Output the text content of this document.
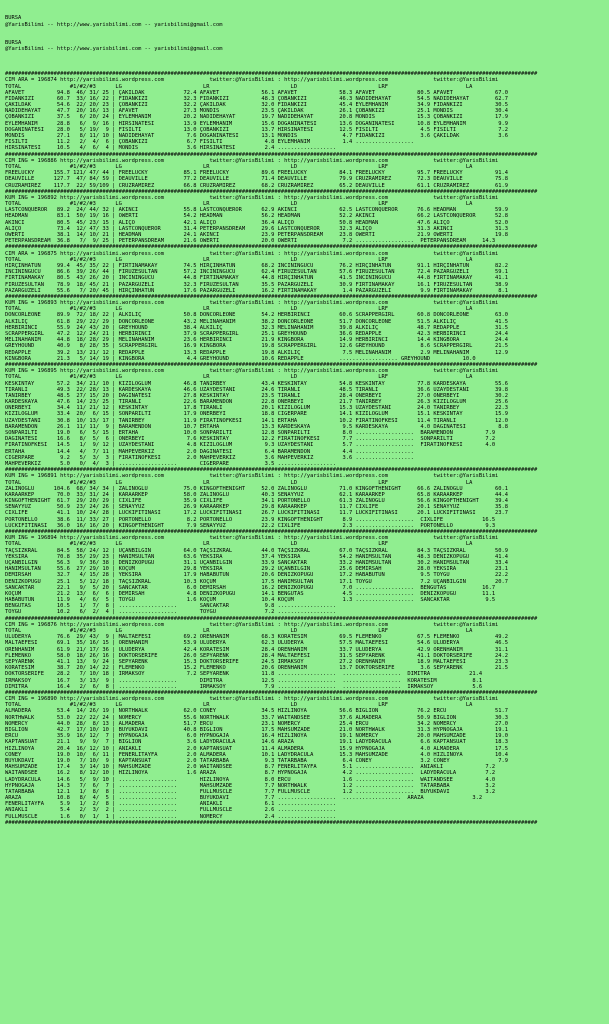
BURSA
@YarisBilimi -- http://www.yarisbilimi.com -- yarisbilimi@gmail.com
BURSA
@YarisBilimi -- http://www.yarisbilimi.com -- yarisbilimi@gmail.com

####################################################################################################################################################################
CIM ARA = 196874 http://yarisbilimi.wordpress.com              twitter:@YarisBilimi : http://yarisbilimi.wordpress.com              twitter:@YarisBilimi
TOTAL               #1/#2/#3      LG                         LR                         LD                         LRF                        LA
AFAVET          94.8  46/ 31/ 25 | ÇAKILDAK            72.4 AFAVET             56.1 AFAVET             58.3 AFAVET             80.5 AFAVET             67.0
FIDANKIZI       60.7  33/ 16/ 22 | FIDANKIZI           32.3 FIDANKIZI          48.3 ÇOBANKIZI          46.3 NADIDEHAYAT        54.5 NADIDEHAYAT        62.7
ÇAKILDAK        54.6  22/ 20/ 23 | ÇOBANKIZI           32.2 ÇAKILDAK           32.0 FIDANKIZI          45.4 EYLEMHANIM         34.9 FIDANKIZI          30.5
NADIDEHAYAT     47.7  20/ 16/ 13 | AFAVET              27.3 MONDIS             23.5 ÇAKILDAK           26.1 ÇOBANKIZI          25.1 MONDIS             30.4
ÇOBANKIZI       37.5   6/ 20/ 24 | EYLEMHANIM          20.2 NADIDEHAYAT        19.7 NADIDEHAYAT        20.8 MONDIS             15.3 ÇOBANKIZI          17.9
EYLEMHANIM      28.8   6/  9/ 16 | HIRSINATESI         13.9 EYLEMHANIM         15.6 DOGANINATESI       13.6 DOGANINATESI       10.8 EYLEMHANIM          9.9
DOGANINATESI    28.0   5/ 19/  9 | FISILTI             13.0 ÇOBANKIZI          13.7 HIRSINATESI        12.5 FISILTI             4.5 FISILTI             7.2
MONDIS          27.1   8/ 11/ 10 | NADIDEHAYAT          7.6 DOGANINATESI       13.1 MONDIS              4.7 FIDANKIZI           3.6 ÇAKILDAK            3.6
FISILTI         11.2   2/  4/  6 | ÇOBANKIZI            6.7 FISILTI             4.8 EYLEMHANIM          1.4 ..................
HIRSINATESI     10.5   4/  6/  4 | MONDIS               3.6 HIRSINATESI         2.4 ..................
####################################################################################################################################################################
CIM ING = 196886 http://yarisbilimi.wordpress.com              twitter:@YarisBilimi : http://yarisbilimi.wordpress.com              twitter:@YarisBilimi
TOTAL               #1/#2/#3      LG                         LR                         LD                         LRF                        LA
FREELUCKY      155.7 121/ 47/ 44 | FREELUCKY           85.1 FREELUCKY          89.6 FREELUCKY          84.1 FREELUCKY          95.7 FREELUCKY          91.4
DEAUVILLE      127.7  47/ 84/ 59 | DEAUVILLE           77.2 DEAUVILLE          71.4 DEAUVILLE          79.9 CRUZRAMIREZ        72.3 DEAUVILLE          75.8
CRUZRAMIREZ    117.7  22/ 59/109 | CRUZRAMIREZ         66.8 CRUZRAMIREZ        68.2 CRUZRAMIREZ        65.2 DEAUVILLE          61.1 CRUZRAMIREZ        61.9
####################################################################################################################################################################
KUM ING = 196892 http://yarisbilimi.wordpress.com              twitter:@YarisBilimi : http://yarisbilimi.wordpress.com              twitter:@YarisBilimi
TOTAL               #1/#2/#3      LG                         LR                         LD                         LRF                        LA
LASTCONQUEROR   89.2  24/ 44/ 32 | AKINCI              55.8 LASTCONQUEROR      62.9 AKINCI             62.5 LASTCONQUEROR      76.6 HEADMAN            59.9
HEADMAN         83.1  50/ 19/ 16 | OWERTI              54.2 HEADMAN            56.2 HEADMAN            52.2 AKINCI             66.2 LASTCONQUEROR      52.8
AKINCI          80.5  45/ 23/ 15 | ALIÇO               42.1 ALIÇO              36.4 ALIÇO              50.8 HEADMAN            47.6 ALIÇO              52.0
ALIÇO           73.4  12/ 47/ 33 | LASTCONQUEROR       31.4 PETERPANSDREAM     29.6 LASTCONQUEROR      32.3 ALIÇO              31.3 AKINCI             31.3
OWERTI          38.1  14/ 10/ 21 | HEADMAN             24.1 AKINCI             23.9 PETERPANSDREAM     23.8 OWERTI             21.9 OWERTI             19.8
PETERPANSDREAM  36.8   7/  9/ 25 | PETERPANSDREAM      21.6 OWERTI             20.0 OWERTI              7.2 ..................  PETERPANSDREAM     14.3
####################################################################################################################################################################
CIM ARA = 196875 http://yarisbilimi.wordpress.com              twitter:@YarisBilimi : http://yarisbilimi.wordpress.com              twitter:@YarisBilimi
TOTAL               #1/#2/#3      LG                         LR                         LD                         LRF                        LA
HIRÇINHATUN     99.4  45/ 35/ 22 | FIRTINAMAKAY        74.5 HIRÇINHATUN        68.2 INCININGÜCÜ        76.2 HIRÇINHATUN        91.1 HIRÇINHATUN        82.2
INCININGÜCÜ     86.6  39/ 26/ 44 | FIRUZESULTAN        57.2 INCININGÜCÜ        62.4 FIRUZESULTAN       57.6 FIRUZESULTAN       72.4 PAZARGÜZELI        59.1
FIRTINAMAKAY    80.5  43/ 26/ 20 | INCININGÜCÜ         44.8 FIRTINAMAKAY       44.8 HIRÇINHATUN        41.5 INCININGÜCÜ        44.8 FIRTINAMAKAY       41.1
FIRUZESULTAN    78.9  18/ 45/ 21 | PAZARGÜZELI         32.3 FIRUZESULTAN       35.5 PAZARGÜZELI        30.9 FIRTINAMAKAY       16.1 FIRUZESULTAN       38.9
PAZARGÜZELI     55.6   7/ 20/ 45 | HIRÇINHATUN         17.6 PAZARGÜZELI        16.2 FIRTINAMAKAY        1.4 PAZARGÜZELI         9.9 FIRTINAMAKAY        8.1
####################################################################################################################################################################
KUM ING = 196893 http://yarisbilimi.wordpress.com              twitter:@YarisBilimi : http://yarisbilimi.wordpress.com              twitter:@YarisBilimi
TOTAL               #1/#2/#3      LG                         LR                         LD                         LRF                        LA
DONCORLEONE     89.9  72/ 18/ 22 | ALKILIÇ             50.8 DONCORLEONE        54.2 HERBIRINCI         60.6 SCRAPPERGIRL       60.8 DONCORLEONE        63.0
ALKILIÇ         61.8  29/ 22/ 29 | DONCORLEONE         43.2 MELINAHANIM        38.2 DONCORLEONE        51.7 DONCORLEONE        51.5 ALKILIÇ            41.5
HERBIRINCI      55.9  24/ 43/ 20 | GREYHOUND           38.4 ALKILIÇ            32.3 MELINAHANIM        39.8 ALKILIÇ            48.7 REDAPPLE           31.5
SCRAPPERGIRL    47.2  12/ 24/ 21 | HERBIRINCI          37.9 SCRAPPERGIRL       25.1 GREYHOUND          36.6 REDAPPLE           42.3 HERBIRINCI         24.4
MELINAHANIM     44.8  18/ 28/ 29 | MELINAHANIM         23.6 HERBIRINCI         21.9 KINGBORA           14.9 HERBIRINCI         14.4 KINGBORA           24.4
GREYHOUND       40.9   8/ 28/ 35 | SCRAPPERGIRL        16.9 KINGBORA           19.8 SCRAPPERGIRL       12.6 GREYHOUND           8.6 SCRAPPERGIRL       21.5
REDAPPLE        39.2  13/ 21/ 12 | REDAPPLE            13.3 REDAPPLE           19.8 ALKILIÇ             7.5 MELINAHANIM         2.9 MELINAHANIM        12.9
KINGBORA        21.3   5/ 14/ 19 | KINGBORA             4.4 GREYHOUND          10.6 REDAPPLE           .................. GREYHOUND          10.0
####################################################################################################################################################################
KUM ING = 196895 http://yarisbilimi.wordpress.com              twitter:@YarisBilimi : http://yarisbilimi.wordpress.com              twitter:@YarisBilimi
TOTAL               #1/#2/#3      LG                         LR                         LD                         LRF                        LA
KESKINTAY       57.2  34/ 21/ 10 | KIZILOGLUM          46.8 TANIRBEY           43.4 KESKINTAY          54.8 KESKINTAY          77.8 KARDESKAYA         55.6
TIRANLI         49.3  22/ 28/ 13 | KARDESKAYA          46.6 UZAYDESTANI        24.6 TIRANLI            48.5 TIRANLI            36.6 UZAYDESTANI        39.8
TANIRBEY        48.5  27/ 15/ 20 | DAGINATESI          27.8 KESKINTAY          23.5 TIRANLI            28.4 ÖNERBEYI           27.0 ÖNERBEYI           30.2
KARDESKAYA      47.6  14/ 23/ 25 | TIRANLI             22.6 BARAMENDON         22.8 ÖNERBEYI           21.7 TANIRBEY           26.3 KIZILOGLUM         25.6
ÖNERBEYI        34.4  11/ 21/ 12 | KESKINTAY           17.8 TIRANLI            20.1 KIZILOGLUM         15.3 UZAYDESTANI        24.0 TANIRBEY           22.3
KIZILOGLUM      33.4  20/  6/ 15 | SONPARILTI          17.9 ÖNERBEYI           18.8 CIGERPARE          14.1 KIZILOGLUM         15.1 KESKINTAY          15.9
UZAYDESTANI     30.8  10/ 13/ 17 | TANIRBEY            11.9 FIRATINÖFKESI      14.1 ERTAHA             10.2 FIRATINÖFKESI      11.4 TIRANLI            12.0
BARAMENDON      26.1  11/ 11/  9 | BARAMENDON          10.7 ERTAHA             13.3 KARDESKAYA          9.5 KARDESKAYA          4.0 DAGINATESI          8.8
SONPARILTI      19.0   6/  5/ 15 | ERTAHA              10.0 SONPARILTI         12.8 SONPARILTI          8.0 ..................  BARAMENDON          7.9
DAGINATESI      16.6   8/  5/  6 | ÖNERBEYI             7.6 KESKINTAY          12.2 FIRATINÖFKESI       7.7 ..................  SONPARILTI          7.2
FIRATINÖFKESI   14.5   1/  9/ 12 | UZAYDESTANI          4.8 KIZILOGLUM          9.3 UZAYDESTANI         5.7 ..................  FIRATINÖFKESI       4.0
ERTAHA          14.4   4/  7/ 11 | MAHPEVERKIZ          2.0 DAGINATESI          6.4 BARAMENDON          4.4 ..................
CIGERPARE        9.2   5/  3/  3 | FIRATINÖFKESI        2.0 MAHPEVERKIZ         3.6 MAHPEVERKIZ         3.6 ..................
MAHPEVERKIZ      5.0   0/  4/  3 | ..................       CIGERPARE           3.5 ..................
####################################################################################################################################################################
KUM ING = 196891 http://yarisbilimi.wordpress.com              twitter:@YarisBilimi : http://yarisbilimi.wordpress.com              twitter:@YarisBilimi
TOTAL               #1/#2/#3      LG                         LR                         LD                         LRF                        LA
ZALINOGLU      104.6  68/ 34/ 34 | ZALINOGLU           75.0 KINGOFTHENIGHT     52.0 ZALINOGLU          71.0 KINGOFTHENIGHT     66.6 ZALINOGLU          60.1
KARAARKEP       70.0  33/ 31/ 24 | KARAARKEP           58.0 ZALINOGLU          40.3 SENAYYÜZ           62.1 KARAARKEP          65.8 KARAARKEP          44.4
KINGOFTHENIGHT  61.7  29/ 20/ 29 | CIXLIFE             35.9 CIXLIFE            34.1 PORTONELLO         61.3 ZALINOGLU          56.6 KINGOFTHENIGHT     39.4
SENAYYÜZ        50.9  23/ 24/ 26 | SENAYYÜZ            26.9 KARAARKEP          29.8 KARAARKEP          11.7 CIXLIFE            20.1 SENAYYÜZ           35.8
CIXLIFE         41.1  10/ 24/ 28 | LUCKIFITINASI       17.2 LUCKIFITINASI      26.7 LUCKIFITINASI      11.7 LUCKIFITINASI      20.1 LUCKIFITINASI      23.7
PORTONELLO      38.6  11/ 33/ 27 | PORTONELLO           8.2 PORTONELLO         23.9 KINGOFTHENIGHT      8.9 ..................  CIXLIFE            16.5
LUCKIFITINASI   36.0  16/ 16/ 20 | KINGOFTHENIGHT       7.9 SENAYYÜZ           22.2 CIXLIFE             2.3 ..................  PORTONELLO          9.3
####################################################################################################################################################################
KUM ING = 196894 http://yarisbilimi.wordpress.com              twitter:@YarisBilimi : http://yarisbilimi.wordpress.com              twitter:@YarisBilimi
TOTAL               #1/#2/#3      LG                         LR                         LD                         LRF                        LA
TAÇSIZKRAL      84.5  58/ 24/ 12 | UÇANBILGIN          64.0 TAÇSIZKRAL         44.0 TAÇSIZKRAL         67.0 TAÇSIZKRAL         84.3 TAÇSIZKRAL         50.9
YEKSIRA         70.8  35/ 29/ 23 | HANIMSULTAN         63.6 YEKSIRA            37.4 YEKSIRA            54.2 HANIMSULTAN        48.3 DENIZKÖPÜGÜ        41.4
UÇANBILGIN      56.3   9/ 36/ 38 | DENIZKÖPÜGÜ         31.1 UÇANBILGIN         33.9 SANCAKTAR          33.2 HANIMSULTAN        30.2 HANIMSULTAN        33.4
HANIMSULTAN     55.6  27/ 29/ 10 | KOÇUM               29.8 YEKSIRA            29.2 UÇANBILGIN         25.6 DEMIRSAH           28.0 YEKSIRA            23.1
DEMIRSAH        32.7   4/ 15/ 28 | YEKSIRA             17.9 HABABÜTÜN          20.6 DENIZKÖPÜGÜ        17.2 HABABÜTÜN           9.5 TOYGU              22.2
DENIZKÖPÜGÜ     25.1   5/ 12/ 18 | TAÇSIZKRAL          10.3 KOÇUM              17.5 HANIMSULTAN        17.1 TOYGU               7.2 UÇANBILGIN         20.7
SANCAKTAR       22.1   9/  5/ 20 | SANCAKTAR            6.0 DEMIRSAH           16.2 DENIZKÖPÜGÜ         7.0 ..................  BENGÜTAS           16.7
KOÇUM           21.2  13/  6/  6 | DEMIRSAH             4.8 DENIZKÖPÜGÜ        14.1 BENGÜTAS            4.5 ..................  DENIZKÖPÜGÜ        11.1
HABABÜTÜN       11.9   4/  6/  5 | TOYGU                1.6 KOÇUM              10.4 KOÇUM               1.3 ..................  SANCAKTAR           9.5
BENGÜTAS        10.5   1/  7/  8 | ..................       SANCAKTAR           9.8 ..................
TOYGU           10.2   6/  2/  4 | ..................       TOYGU               7.2 ..................
####################################################################################################################################################################
CIM ING = 196876 http://yarisbilimi.wordpress.com              twitter:@YarisBilimi : http://yarisbilimi.wordpress.com              twitter:@YarisBilimi
TOTAL               #1/#2/#3      LG                         LR                         LD                         LRF                        LA
ULUDERYA        76.6  29/ 43/  9 | MALTAEFESI          69.2 ÖRENHANIM          68.3 KORATESIM          69.5 FLEMENKO           67.5 FLEMENKO           49.2
MALTAEFESI      69.1  35/ 16/ 15 | ÖRENHANIM           53.9 ULUDERYA           62.3 ULUDERYA           57.5 MALTAEFESI         54.6 ULUDERYA           46.5
ÖRENHANIM       61.9  21/ 17/ 36 | ULUDERYA            42.4 KORATESIM          28.4 ÖRENHANIM          33.7 ULUDERYA           42.9 ÖRENHANIM          31.1
FLEMENKO        58.0  18/ 26/ 16 | DOKTORSERIFE        26.0 SEPYARENK          28.4 MALTAEFESI         31.5 SEPYARENK          41.1 DOKTORSERIFE       24.2
SEPYARENK       41.1  13/  9/ 24 | SEPYARENK           15.3 DOKTORSERIFE       24.5 IRMAKSOY           27.2 ÖRENHANIM          18.9 MALTAEFESI         23.3
KORATESIM       38.7  20/ 14/ 22 | FLEMENKO            15.2 FLEMENKO           20.6 ÖRENHANIM          13.7 DOKTORSERIFE        3.6 SEPYARENK          21.5
DOKTORSERIFE    28.2   7/ 10/ 18 | IRMAKSOY             7.2 SEPYARENK          11.8 ..................  ..................  DIMITRA            21.4
IRMAKSOY        16.7   3/ 13/  9 | ..................       DIMITRA            12.5 ..................  ..................  KORATESIM           8.1
DIMITRA         16.4   2/  6/  8 | ..................       IRMAKSOY            7.9 ..................  ..................  IRMAKSOY            5.6
####################################################################################################################################################################
CIM ING = 196890 http://yarisbilimi.wordpress.com              twitter:@YarisBilimi : http://yarisbilimi.wordpress.com              twitter:@YarisBilimi
TOTAL               #1/#2/#3      LG                         LR                         LD                         LRF                        LA
ALMADERA        53.4  14/ 26/ 19 | NORTHWALK           62.0 CONEY              34.5 HIZLINOYA          56.6 BIGLION            76.2 ERCÜ               51.7
NORTHWALK       53.0  22/ 22/ 24 | NOMERCY             55.6 NORTHWALK          33.7 WAITANDSEE         37.6 ALMADERA           50.9 BIGLION            30.3
NOMERCY         44.0  28/  8/ 13 | ALMADERA            51.7 ERCÜ               23.1 NOMERCY            25.4 ERCÜ               34.2 NOMERCY            27.0
BIGLION         42.7  17/ 10/ 10 | BÜYÜKDAVI           40.8 BIGLION            17.5 MAHSUMZADE         21.0 NORTHWALK          31.3 HYPNOGAJA          19.1
ERCÜ            35.9  16/ 12/  7 | HYPNOGAJA            6.0 HYPNOGAJA          16.4 HIZLINOYA          19.1 NOMERCY            20.0 MAHSUMZADE         19.0
KAPTANSUAT      21.1   9/  9/  7 | BIGLION              3.6 LADYDRACULA        14.6 ARAZA              19.1 LADYDRACULA         6.6 KAPTANSUAT         18.3
HIZLINOYA       20.4  16/ 12/ 10 | ANIAKLI              2.0 KAPTANSUAT         11.4 ALMADERA           15.9 HYPNOGAJA           4.0 ALMADERA           17.5
CONEY           19.0  10/  6/ 11 | FENERLITAYFA         2.0 ALMADERA           10.1 LADYDRACULA        15.3 MAHSUMZADE          4.0 HIZLINOYA          10.4
BÜYÜKDAVI       19.0   7/ 10/  9 | KAPTANSUAT           2.0 TATARBABA           9.3 TATARBABA           6.4 CONEY               3.2 CONEY               7.9
MAHSUMZADE      17.4   3/ 14/ 10 | MAHSUMZADE           2.0 WAITANDSEE          8.7 FENERLITAYFA        5.1 ..................  ANIAKLI             7.2
WAITANDSEE      16.2   8/ 12/ 10 | HIZLINOYA            1.6 ARAZA               8.7 HYPNOGAJA           4.2 ..................  LADYDRACULA         7.2
LADYDRACULA     14.6   5/  9/ 10 | ..................       HIZLINOYA           8.0 ERCÜ                1.6 ..................  WAITANDSEE          4.0
HYPNOGAJA       14.3   7/  6/  7 | ..................       MAHSUMZADE          7.7 NORTHWALK           1.2 ..................  TATARBABA           3.2
TATARBABA       12.1   1/  8/  8 | ..................       FULLMUSCLE          7.7 FULLMUSCLE          1.2 ..................  BÜYÜKDAVI           3.2
ARAZA           10.8   8/  4/  5 | ..................       BÜYÜKDAVI           7.7 ..................  ..................  ARAZA               3.2
FENERLITAYFA     5.9   1/  2/  8 | ..................       ANIAKLI             6.1 ..................
ANIAKLI          5.4   2/  3/  2 | ..................       FULLMUSCLE          2.6 ..................
FULLMUSCLE       1.6   0/  1/  1 | ..................       NOMERCY             2.4 ..................
####################################################################################################################################################################
